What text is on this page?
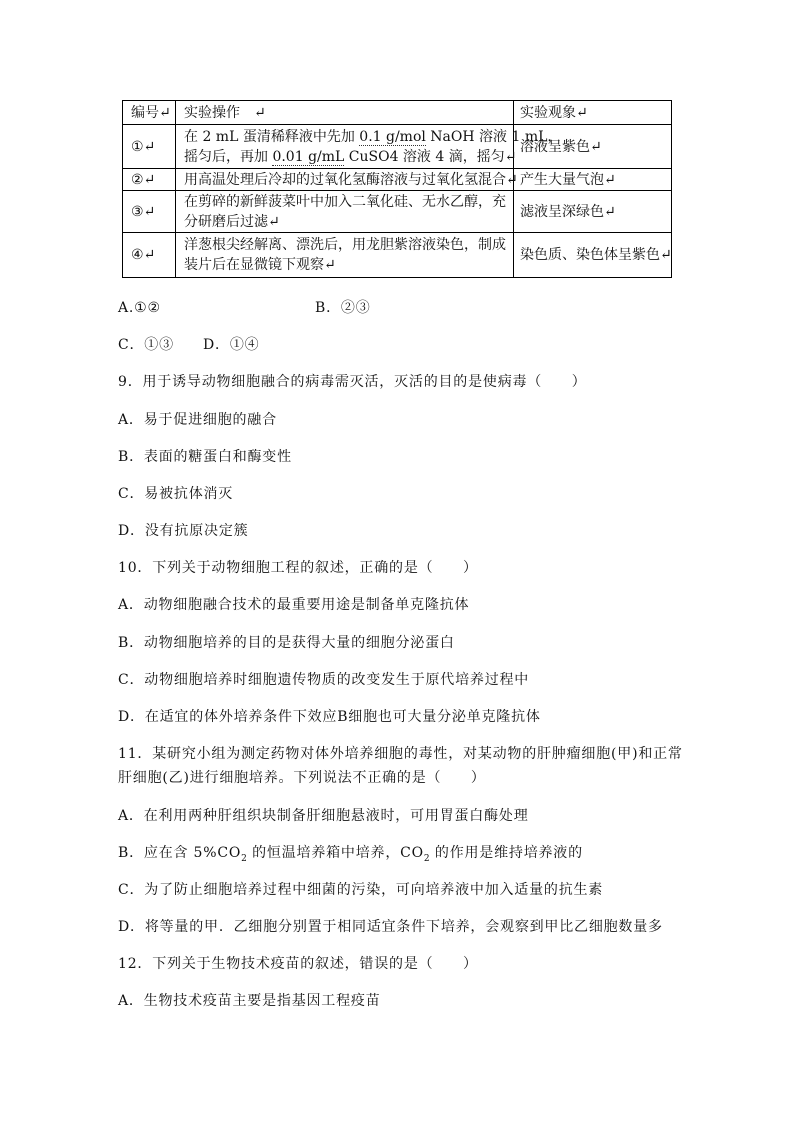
编号↵	实验操作　↵	实验观象↵
①↵	在 2 mL 蛋清稀释液中先加 0.1 g/mol NaOH 溶液 1 mL，
摇匀后，再加 0.01 g/mL CuSO4 溶液 4 滴，摇匀↵	溶液呈紫色↵
②↵	用高温处理后冷却的过氧化氢酶溶液与过氧化氢混合↵	产生大量气泡↵
③↵	在剪碎的新鲜菠菜叶中加入二氧化硅、无水乙醇，充
分研磨后过滤↵	滤液呈深绿色↵
④↵	洋葱根尖经解离、漂洗后，用龙胆紫溶液染色，制成
装片后在显微镜下观察↵	染色质、染色体呈紫色↵
A.①②	B．②③
C．①③ D．①④
9．用于诱导动物细胞融合的病毒需灭活，灭活的目的是使病毒（　　）
A．易于促进细胞的融合
B．表面的糖蛋白和酶变性
C．易被抗体消灭
D．没有抗原决定簇
10．下列关于动物细胞工程的叙述，正确的是（　　）
A．动物细胞融合技术的最重要用途是制备单克隆抗体
B．动物细胞培养的目的是获得大量的细胞分泌蛋白
C．动物细胞培养时细胞遗传物质的改变发生于原代培养过程中
D．在适宜的体外培养条件下效应B细胞也可大量分泌单克隆抗体
11．某研究小组为测定药物对体外培养细胞的毒性，对某动物的肝肿瘤细胞(甲)和正常
肝细胞(乙)进行细胞培养。下列说法不正确的是（　　）
A．在利用两种肝组织块制备肝细胞悬液时，可用胃蛋白酶处理
B．应在含 $5\%CO_2$ 的恒温培养箱中培养，$CO_2$ 的作用是维持培养液的
C．为了防止细胞培养过程中细菌的污染，可向培养液中加入适量的抗生素
D．将等量的甲．乙细胞分别置于相同适宜条件下培养，会观察到甲比乙细胞数量多
12．下列关于生物技术疫苗的叙述，错误的是（　　）
A．生物技术疫苗主要是指基因工程疫苗
